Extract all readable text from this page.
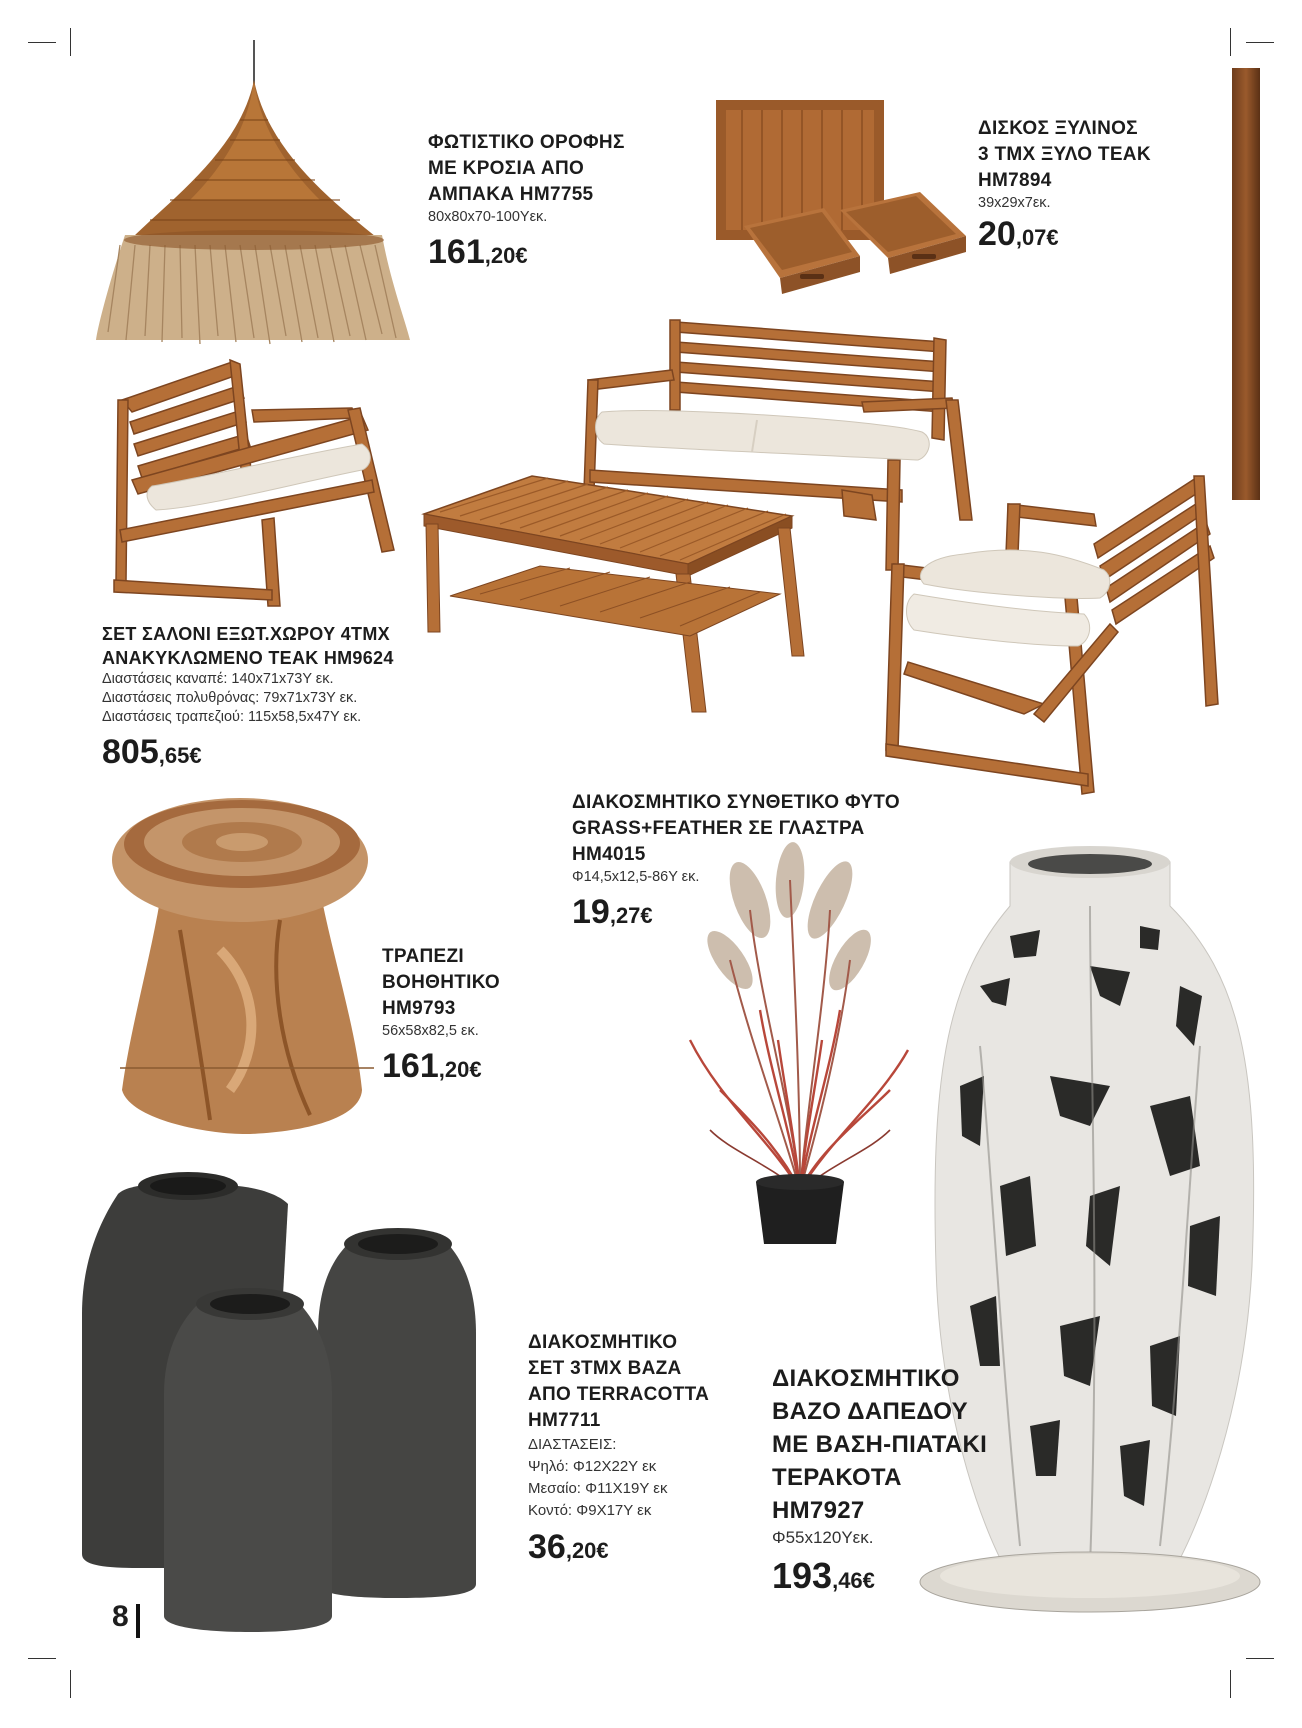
ΦΩΤΙΣΤΙΚΟ ΟΡΟΦΗΣ
ΜΕ ΚΡΟΣΙΑ ΑΠΟ
ΑΜΠΑΚΑ HM7755

80x80x70-100Yεκ.

161,20€

ΔΙΣΚΟΣ ΞΥΛΙΝΟΣ
3 ΤΜΧ ΞΥΛΟ ΤΕΑΚ
HM7894

39x29x7εκ.

20,07€

ΣΕΤ ΣΑΛΟΝΙ ΕΞΩΤ.ΧΩΡΟΥ 4ΤΜΧ
ΑΝΑΚΥΚΛΩΜΕΝΟ ΤΕΑΚ HM9624

Διαστάσεις καναπέ: 140x71x73Y εκ.
Διαστάσεις πολυθρόνας: 79x71x73Y εκ.
Διαστάσεις τραπεζιού: 115x58,5x47Y εκ.

805,65€

ΤΡΑΠΕΖΙ
ΒΟΗΘΗΤΙΚΟ
HM9793

56x58x82,5 εκ.

161,20€

ΔΙΑΚΟΣΜΗΤΙΚΟ ΣΥΝΘΕΤΙΚΟ ΦΥΤΟ
GRASS+FEATHER ΣΕ ΓΛΑΣΤΡΑ
HM4015

Φ14,5x12,5-86Y εκ.

19,27€

ΔΙΑΚΟΣΜΗΤΙΚΟ
ΣΕΤ 3ΤΜΧ ΒΑΖΑ
ΑΠΟ TERRACOTTA
HM7711

ΔΙΑΣΤΑΣΕΙΣ:
Ψηλό: Φ12Χ22Υ εκ
Μεσαίο: Φ11Χ19Υ εκ
Κοντό: Φ9Χ17Υ εκ

36,20€

ΔΙΑΚΟΣΜΗΤΙΚΟ
ΒΑΖΟ ΔΑΠΕΔΟΥ
ΜΕ ΒΑΣΗ-ΠΙΑΤΑΚΙ
ΤΕΡΑΚΟΤΑ
HM7927

Φ55x120Yεκ.

193,46€
8
